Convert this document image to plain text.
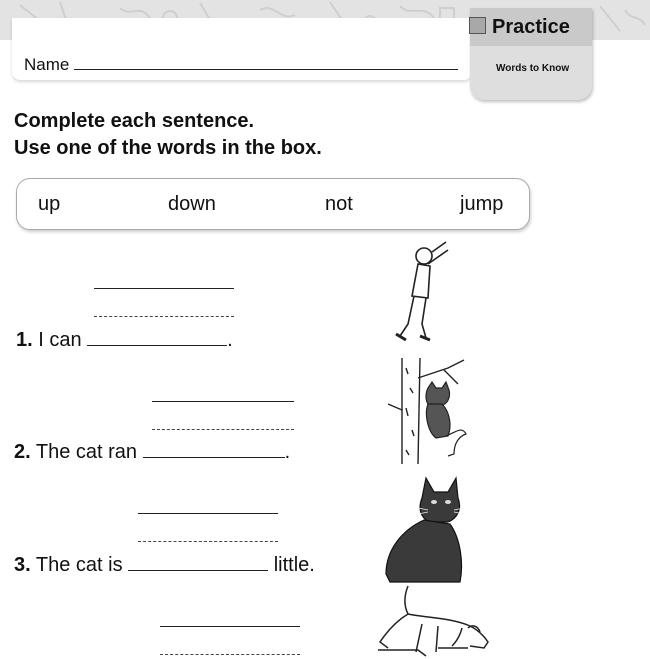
Name
Practice
Words to Know
Complete each sentence.
Use one of the words in the box.
up	down	not	jump
1. I can	.
2. The cat ran	.
3. The cat is	little.
